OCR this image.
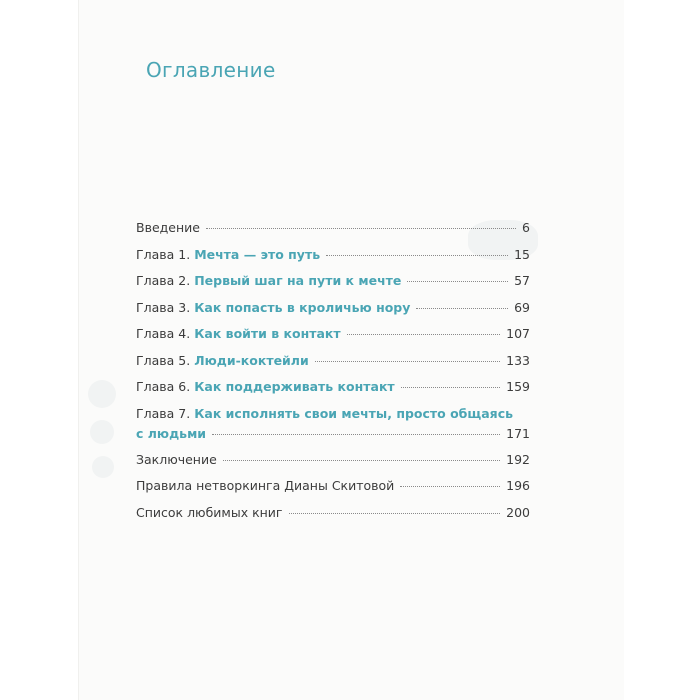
Оглавление
Введение	6
Глава 1. Мечта — это путь	15
Глава 2. Первый шаг на пути к мечте	57
Глава 3. Как попасть в кроличью нору	69
Глава 4. Как войти в контакт	107
Глава 5. Люди-коктейли	133
Глава 6. Как поддерживать контакт	159
Глава 7. Как исполнять свои мечты, просто общаясь
с людьми	171
Заключение	192
Правила нетворкинга Дианы Скитовой	196
Список любимых книг	200
